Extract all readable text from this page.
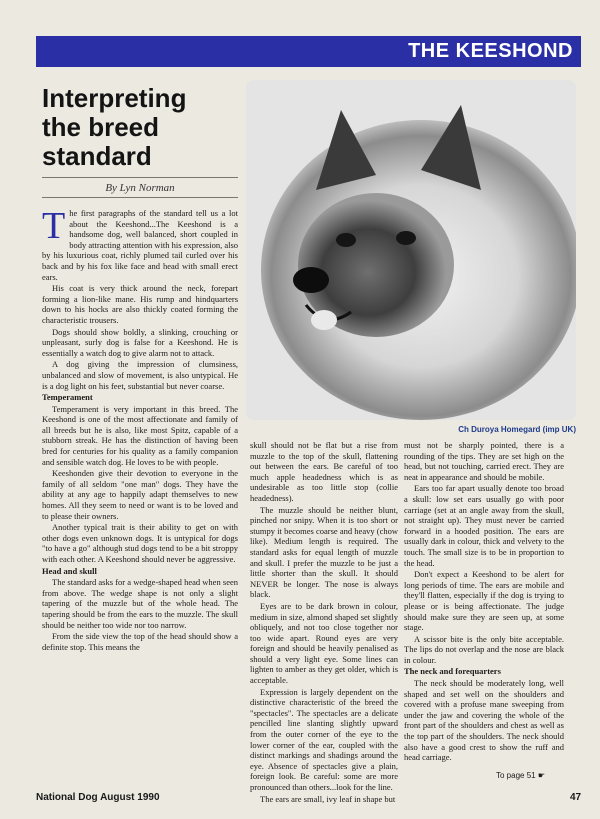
THE KEESHOND
Interpreting
the breed
standard
By Lyn Norman
Ch Duroya Homegard (imp UK)
T he first paragraphs of the standard tell us a lot about the Keeshond...The Keeshond is a handsome dog, well balanced, short coupled in body attracting attention with his expression, also by his luxurious coat, richly plumed tail curled over his back and by his fox like face and head with small erect ears.

His coat is very thick around the neck, forepart forming a lion-like mane. His rump and hindquarters down to his hocks are also thickly coated forming the characteristic trousers.

Dogs should show boldly, a slinking, crouching or unpleasant, surly dog is false for a Keeshond. He is essentially a watch dog to give alarm not to attack.

A dog giving the impression of clumsiness, unbalanced and slow of movement, is also untypical. He is a dog light on his feet, substantial but never coarse.

Temperament

Temperament is very important in this breed. The Keeshond is one of the most affectionate and family of all breeds but he is also, like most Spitz, capable of a stubborn streak. He has the distinction of having been bred for centuries for his quality as a family companion and sensible watch dog. He loves to be with people.

Keeshonden give their devotion to everyone in the family of all seldom "one man" dogs. They have the ability at any age to happily adapt themselves to new homes. All they seem to need or want is to be loved and to please their owners.

Another typical trait is their ability to get on with other dogs even unknown dogs. It is untypical for dogs "to have a go" although stud dogs tend to be a bit stroppy with each other. A Keeshond should never be aggressive.

Head and skull

The standard asks for a wedge-shaped head when seen from above. The wedge shape is not only a slight tapering of the muzzle but of the whole head. The tapering should be from the ears to the muzzle. The skull should be neither too wide nor too narrow.

From the side view the top of the head should show a definite stop. This means the

skull should not be flat but a rise from muzzle to the top of the skull, flattening out between the ears. Be careful of too much apple headedness which is as undesirable as too little stop (collie headedness).

The muzzle should be neither blunt, pinched nor snipy. When it is too short or stumpy it becomes coarse and heavy (chow like). Medium length is required. The standard asks for equal length of muzzle and skull. I prefer the muzzle to be just a little shorter than the skull. It should NEVER be longer. The nose is always black.

Eyes are to be dark brown in colour, medium in size, almond shaped set slightly obliquely, and not too close together nor too wide apart. Round eyes are very foreign and should be heavily penalised as should a very light eye. Some lines can lighten to amber as they get older, which is acceptable.

Expression is largely dependent on the distinctive characteristic of the breed the "spectacles". The spectacles are a delicate pencilled line slanting slightly upward from the outer corner of the eye to the lower corner of the ear, coupled with the distinct markings and shadings around the eye. Absence of spectacles give a plain, foreign look. Be careful: some are more pronounced than others...look for the line.

The ears are small, ivy leaf in shape but

must not be sharply pointed, there is a rounding of the tips. They are set high on the head, but not touching, carried erect. They are neat in appearance and should be mobile.

Ears too far apart usually denote too broad a skull: low set ears usually go with poor carriage (set at an angle away from the skull, not straight up). They must never be carried forward in a hooded position. The ears are usually dark in colour, thick and velvety to the touch. The small size is to be in proportion to the head.

Don't expect a Keeshond to be alert for long periods of time. The ears are mobile and they'll flatten, especially if the dog is trying to please or is being affectionate. The judge should make sure they are seen up, at some stage.

A scissor bite is the only bite acceptable. The lips do not overlap and the nose are black in colour.

The neck and forequarters

The neck should be moderately long, well shaped and set well on the shoulders and covered with a profuse mane sweeping from under the jaw and covering the whole of the front part of the shoulders and chest as well as the top part of the shoulders. The neck should also have a good crest to show the ruff and head carriage.

To page 51 ☛
National Dog August 1990	47
